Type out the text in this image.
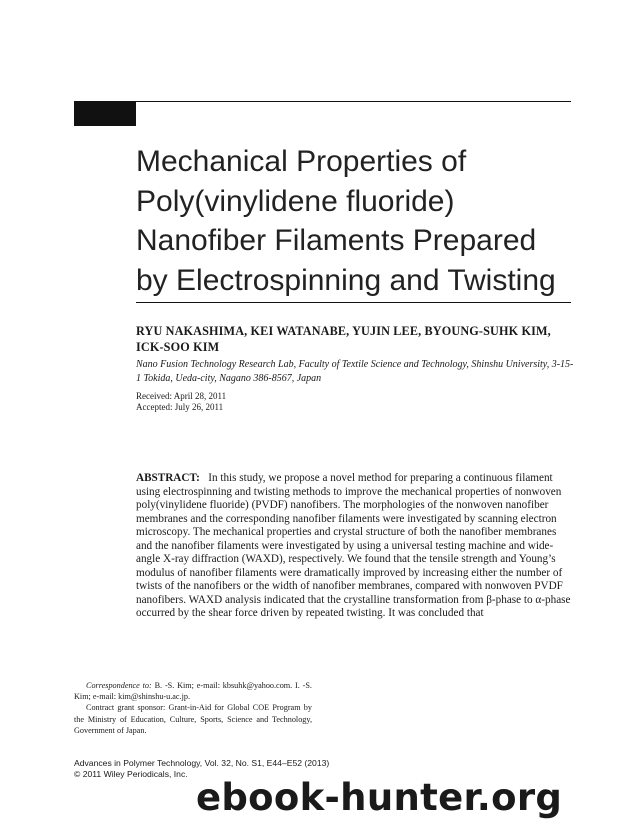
Mechanical Properties of
Poly(vinylidene fluoride)
Nanofiber Filaments Prepared
by Electrospinning and Twisting

RYU NAKASHIMA, KEI WATANABE, YUJIN LEE, BYOUNG-SUHK KIM, ICK-SOO KIM

Nano Fusion Technology Research Lab, Faculty of Textile Science and Technology, Shinshu University, 3-15-1 Tokida, Ueda-city, Nagano 386-8567, Japan

Received: April 28, 2011
Accepted: July 26, 2011

ABSTRACT: In this study, we propose a novel method for preparing a continuous filament using electrospinning and twisting methods to improve the mechanical properties of nonwoven poly(vinylidene fluoride) (PVDF) nanofibers. The morphologies of the nonwoven nanofiber membranes and the corresponding nanofiber filaments were investigated by scanning electron microscopy. The mechanical properties and crystal structure of both the nanofiber membranes and the nanofiber filaments were investigated by using a universal testing machine and wide-angle X-ray diffraction (WAXD), respectively. We found that the tensile strength and Young’s modulus of nanofiber filaments were dramatically improved by increasing either the number of twists of the nanofibers or the width of nanofiber membranes, compared with nonwoven PVDF nanofibers. WAXD analysis indicated that the crystalline transformation from β-phase to α-phase occurred by the shear force driven by repeated twisting. It was concluded that

Correspondence to: B. -S. Kim; e-mail: kbsuhk@yahoo.com. I. -S. Kim; e-mail: kim@shinshu-u.ac.jp.

Contract grant sponsor: Grant-in-Aid for Global COE Program by the Ministry of Education, Culture, Sports, Science and Technology, Government of Japan.

Advances in Polymer Technology, Vol. 32, No. S1, E44–E52 (2013)
© 2011 Wiley Periodicals, Inc.
ebook-hunter.org
